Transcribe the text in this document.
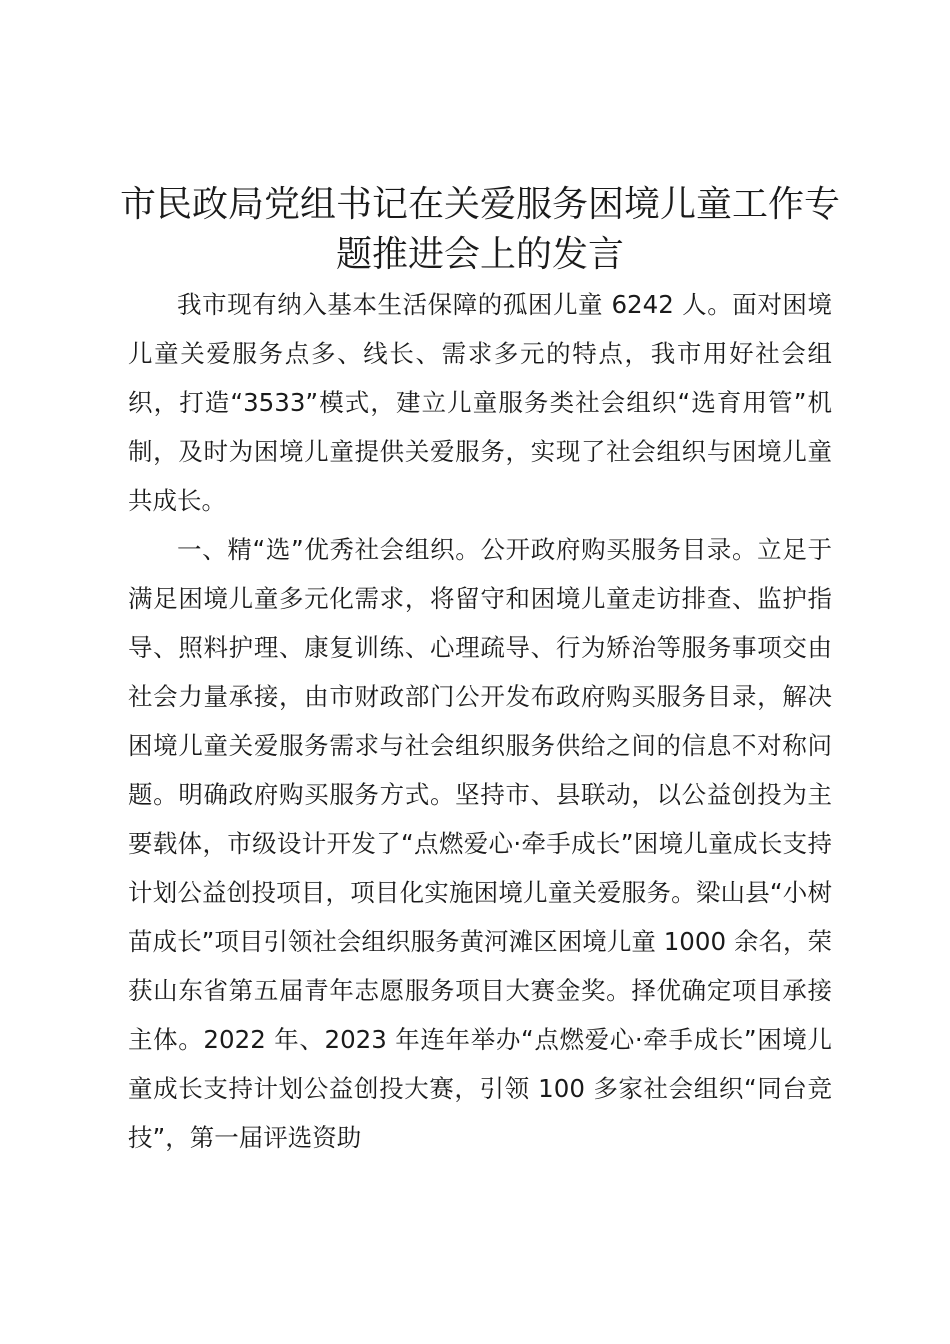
市民政局党组书记在关爱服务困境儿童工作专题推进会上的发言

我市现有纳入基本生活保障的孤困儿童 6242 人。面对困境儿童关爱服务点多、线长、需求多元的特点，我市用好社会组织，打造“3533”模式，建立儿童服务类社会组织“选育用管”机制，及时为困境儿童提供关爱服务，实现了社会组织与困境儿童共成长。

一、精“选”优秀社会组织。公开政府购买服务目录。立足于满足困境儿童多元化需求，将留守和困境儿童走访排查、监护指导、照料护理、康复训练、心理疏导、行为矫治等服务事项交由社会力量承接，由市财政部门公开发布政府购买服务目录，解决困境儿童关爱服务需求与社会组织服务供给之间的信息不对称问题。明确政府购买服务方式。坚持市、县联动，以公益创投为主要载体，市级设计开发了“点燃爱心·牵手成长”困境儿童成长支持计划公益创投项目，项目化实施困境儿童关爱服务。梁山县“小树苗成长”项目引领社会组织服务黄河滩区困境儿童 1000 余名，荣获山东省第五届青年志愿服务项目大赛金奖。择优确定项目承接主体。2022 年、2023 年连年举办“点燃爱心·牵手成长”困境儿童成长支持计划公益创投大赛，引领 100 多家社会组织“同台竞技”，第一届评选资助
